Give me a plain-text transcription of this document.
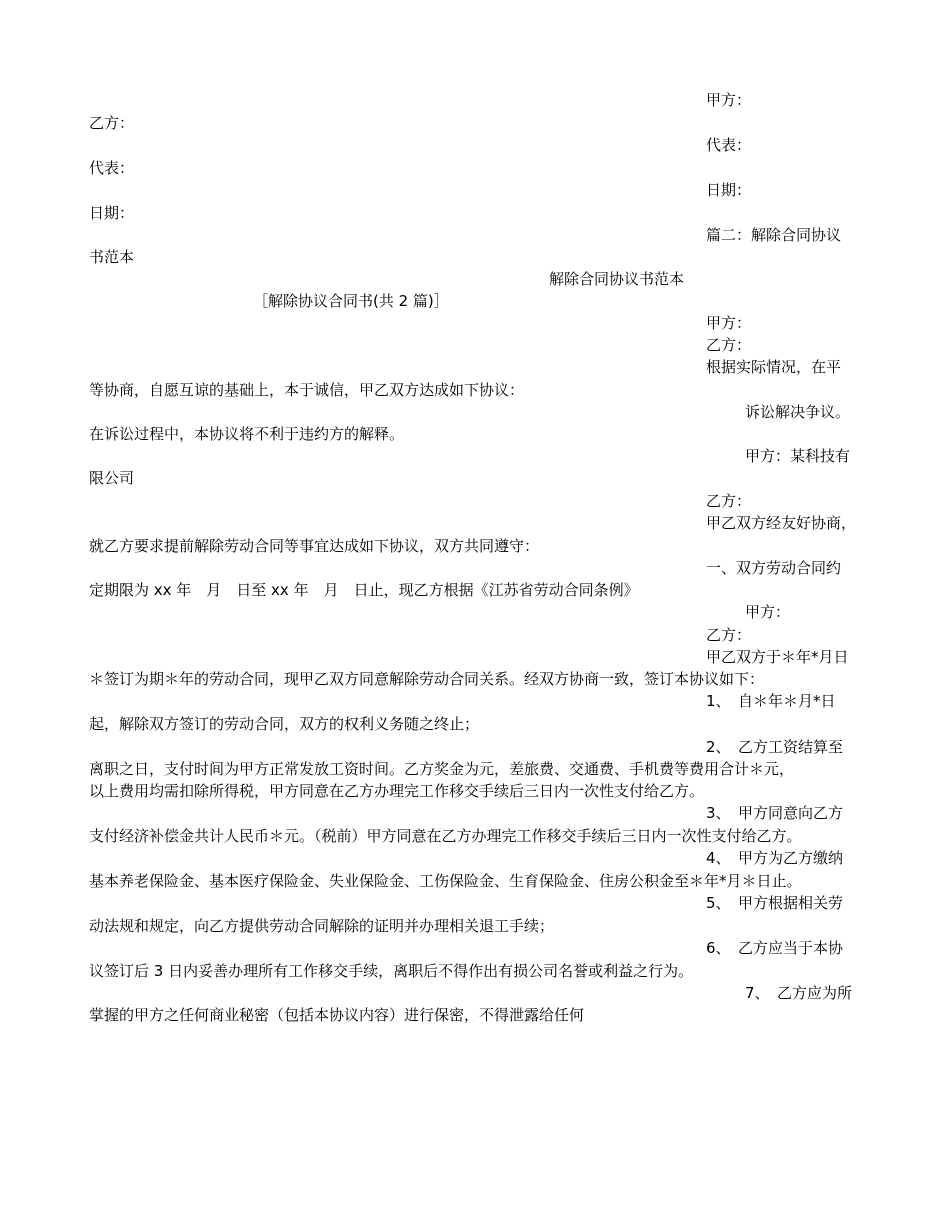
甲方：
乙方：
代表：
代表：
日期：
日期：
篇二：解除合同协议
书范本
解除合同协议书范本
［解除协议合同书(共 2 篇)］
甲方：
乙方：
根据实际情况，在平
等协商，自愿互谅的基础上，本于诚信，甲乙双方达成如下协议：
诉讼解决争议。
在诉讼过程中，本协议将不利于违约方的解释。
甲方：某科技有
限公司
乙方：
甲乙双方经友好协商，
就乙方要求提前解除劳动合同等事宜达成如下协议，双方共同遵守：
一、双方劳动合同约
定期限为 xx 年　月　日至 xx 年　月　日止，现乙方根据《江苏省劳动合同条例》
甲方：
乙方：
甲乙双方于＊年*月日
＊签订为期＊年的劳动合同，现甲乙双方同意解除劳动合同关系。经双方协商一致，签订本协议如下：
1、　自＊年＊月*日
起，解除双方签订的劳动合同，双方的权利义务随之终止；
2、　乙方工资结算至
离职之日，支付时间为甲方正常发放工资时间。乙方奖金为元，差旅费、交通费、手机费等费用合计＊元，
以上费用均需扣除所得税，甲方同意在乙方办理完工作移交手续后三日内一次性支付给乙方。
3、　甲方同意向乙方
支付经济补偿金共计人民币＊元。（税前）甲方同意在乙方办理完工作移交手续后三日内一次性支付给乙方。
4、　甲方为乙方缴纳
基本养老保险金、基本医疗保险金、失业保险金、工伤保险金、生育保险金、住房公积金至＊年*月＊日止。
5、　甲方根据相关劳
动法规和规定，向乙方提供劳动合同解除的证明并办理相关退工手续；
6、　乙方应当于本协
议签订后 3 日内妥善办理所有工作移交手续，离职后不得作出有损公司名誉或利益之行为。
7、　乙方应为所
掌握的甲方之任何商业秘密（包括本协议内容）进行保密，不得泄露给任何
